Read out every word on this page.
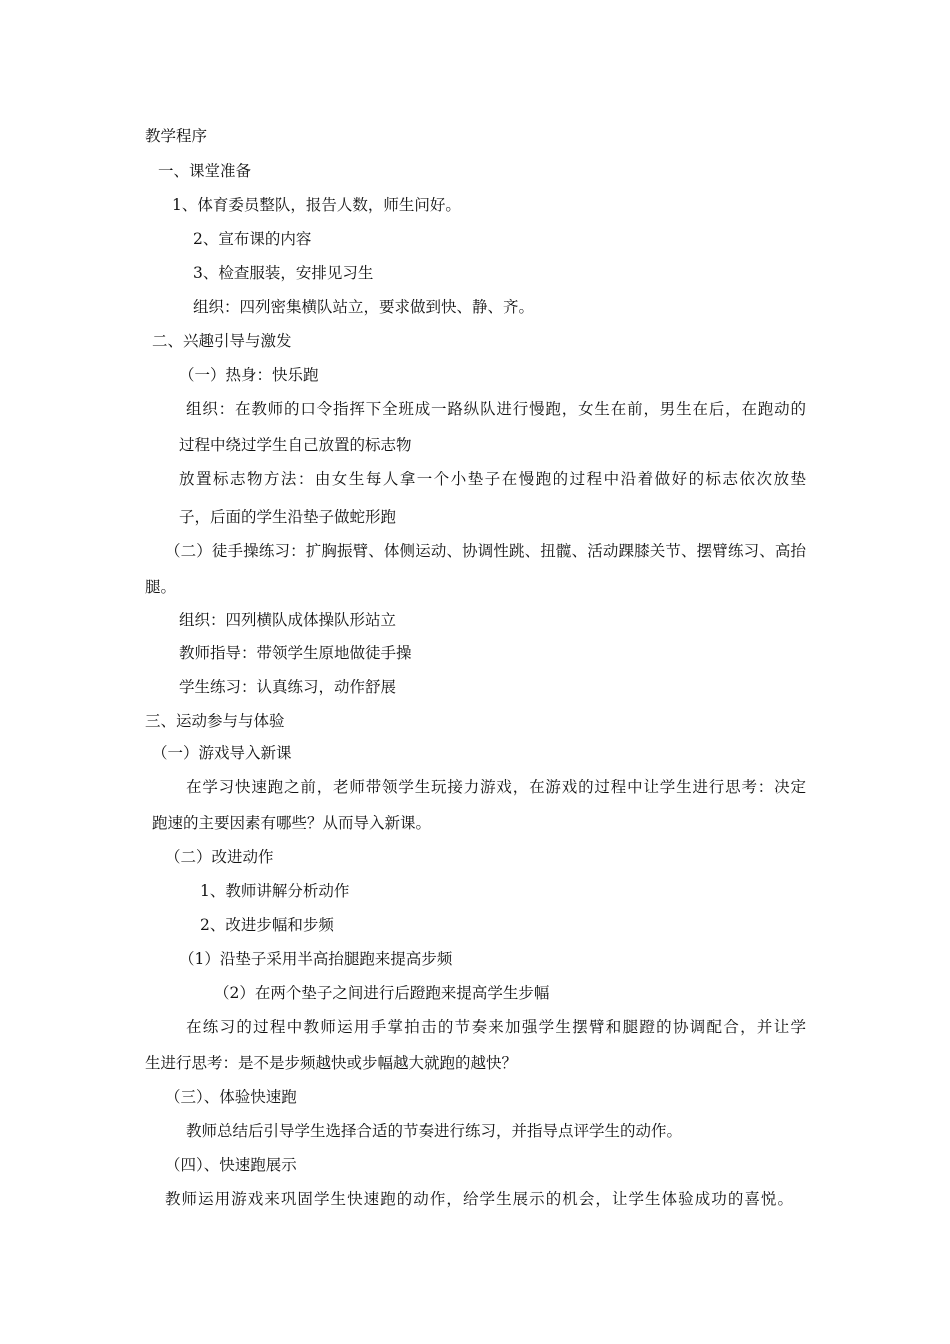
教学程序
一、课堂准备
1、体育委员整队，报告人数，师生问好。
2、宣布课的内容
3、检查服装，安排见习生
组织：四列密集横队站立，要求做到快、静、齐。
二、兴趣引导与激发
（一）热身：快乐跑
组织：在教师的口令指挥下全班成一路纵队进行慢跑，女生在前，男生在后，在跑动的
过程中绕过学生自己放置的标志物
放置标志物方法：由女生每人拿一个小垫子在慢跑的过程中沿着做好的标志依次放垫
子，后面的学生沿垫子做蛇形跑
（二）徒手操练习：扩胸振臂、体侧运动、协调性跳、扭髋、活动踝膝关节、摆臂练习、高抬
腿。
组织：四列横队成体操队形站立
教师指导：带领学生原地做徒手操
学生练习：认真练习，动作舒展
三、运动参与与体验
（一）游戏导入新课
在学习快速跑之前，老师带领学生玩接力游戏，在游戏的过程中让学生进行思考：决定
跑速的主要因素有哪些？从而导入新课。
（二）改进动作
1、教师讲解分析动作
2、改进步幅和步频
（1）沿垫子采用半高抬腿跑来提高步频
（2）在两个垫子之间进行后蹬跑来提高学生步幅
在练习的过程中教师运用手掌拍击的节奏来加强学生摆臂和腿蹬的协调配合，并让学
生进行思考：是不是步频越快或步幅越大就跑的越快？
（三）、体验快速跑
教师总结后引导学生选择合适的节奏进行练习，并指导点评学生的动作。
（四）、快速跑展示
教师运用游戏来巩固学生快速跑的动作，给学生展示的机会，让学生体验成功的喜悦。
